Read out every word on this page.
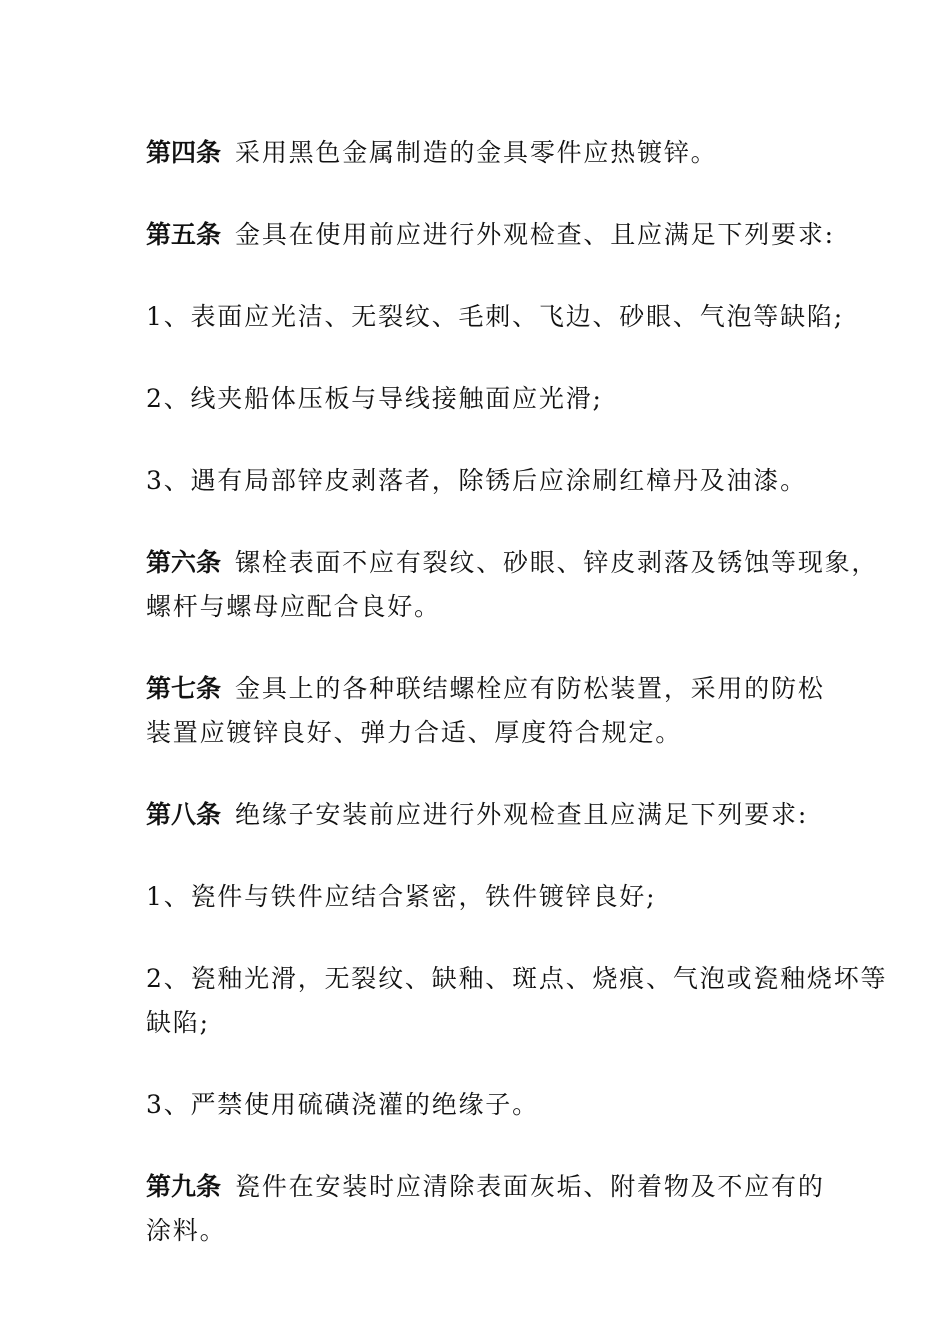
第四条 采用黑色金属制造的金具零件应热镀锌。

第五条 金具在使用前应进行外观检查、且应满足下列要求:

1、表面应光洁、无裂纹、毛刺、飞边、砂眼、气泡等缺陷;

2、线夹船体压板与导线接触面应光滑;

3、遇有局部锌皮剥落者，除锈后应涂刷红樟丹及油漆。

第六条 镙栓表面不应有裂纹、砂眼、锌皮剥落及锈蚀等现象，
螺杆与螺母应配合良好。

第七条 金具上的各种联结螺栓应有防松装置，采用的防松
装置应镀锌良好、弹力合适、厚度符合规定。

第八条 绝缘子安装前应进行外观检查且应满足下列要求:

1、瓷件与铁件应结合紧密，铁件镀锌良好;

2、瓷釉光滑，无裂纹、缺釉、斑点、烧痕、气泡或瓷釉烧坏等
缺陷;

3、严禁使用硫磺浇灌的绝缘子。

第九条 瓷件在安装时应清除表面灰垢、附着物及不应有的
涂料。
